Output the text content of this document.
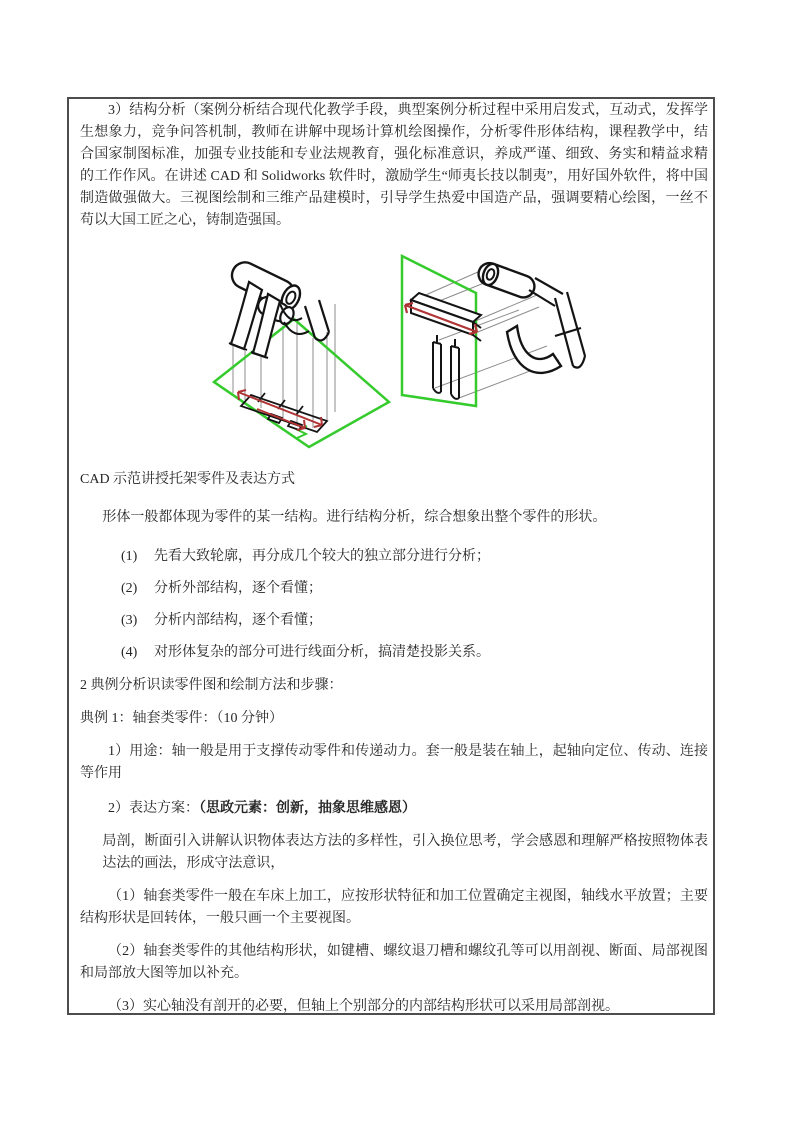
3）结构分析（案例分析结合现代化教学手段，典型案例分析过程中采用启发式，互动式，发挥学生想象力，竞争问答机制，教师在讲解中现场计算机绘图操作，分析零件形体结构，课程教学中，结合国家制图标准，加强专业技能和专业法规教育，强化标准意识，养成严谨、细致、务实和精益求精的工作作风。在讲述 CAD 和 Solidworks 软件时，激励学生“师夷长技以制夷”，用好国外软件，将中国制造做强做大。三视图绘制和三维产品建模时，引导学生热爱中国造产品，强调要精心绘图，一丝不苟以大国工匠之心，铸制造强国。

CAD 示范讲授托架零件及表达方式

形体一般都体现为零件的某一结构。进行结构分析，综合想象出整个零件的形状。

(1)	先看大致轮廓，再分成几个较大的独立部分进行分析；
(2)	分析外部结构，逐个看懂；
(3)	分析内部结构，逐个看懂；
(4)	对形体复杂的部分可进行线面分析，搞清楚投影关系。

2 典例分析识读零件图和绘制方法和步骤：

典例 1：轴套类零件：（10 分钟）

1）用途：轴一般是用于支撑传动零件和传递动力。套一般是装在轴上，起轴向定位、传动、连接等作用

2）表达方案：（思政元素：创新，抽象思维感恩）

局剖，断面引入讲解认识物体表达方法的多样性，引入换位思考，学会感恩和理解严格按照物体表达法的画法，形成守法意识，

（1）轴套类零件一般在车床上加工，应按形状特征和加工位置确定主视图，轴线水平放置；主要结构形状是回转体，一般只画一个主要视图。

（2）轴套类零件的其他结构形状，如键槽、螺纹退刀槽和螺纹孔等可以用剖视、断面、局部视图和局部放大图等加以补充。

（3）实心轴没有剖开的必要，但轴上个别部分的内部结构形状可以采用局部剖视。
